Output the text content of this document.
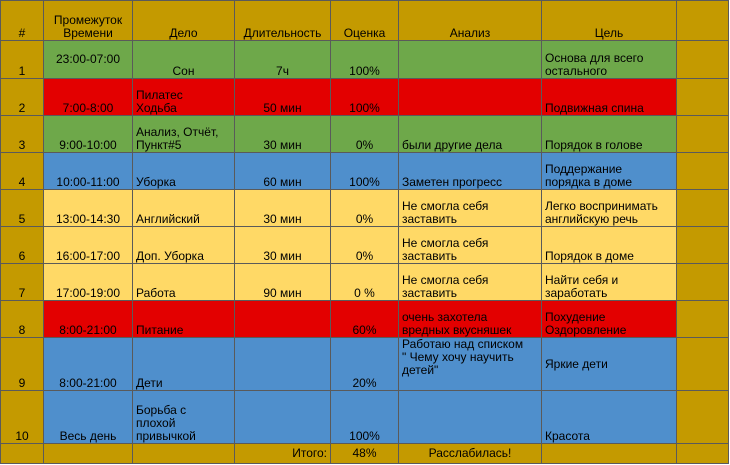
#	Промежуток
Времени	Дело	Длительность	Оценка	Анализ	Цель	
1	23:00-07:00	Сон	7ч	100%		Основа для всего
остального	
2	7:00-8:00	Пилатес
Ходьба	50 мин	100%		Подвижная спина	
3	9:00-10:00	Анализ, Отчёт,
Пункт#5	30 мин	0%	были другие дела	Порядок в голове	
4	10:00-11:00	Уборка	60 мин	100%	Заметен прогресс	Поддержание
порядка в доме	
5	13:00-14:30	Английский	30 мин	0%	Не смогла себя
заставить	Легко воспринимать
английскую речь	
6	16:00-17:00	Доп. Уборка	30 мин	0%	Не смогла себя
заставить	Порядок в доме	
7	17:00-19:00	Работа	90 мин	0 %	Не смогла себя
заставить	Найти себя и
заработать	
8	8:00-21:00	Питание		60%	очень захотела
вредных вкусняшек	Похудение
Оздоровление	
9	8:00-21:00	Дети		20%	Работаю над списком
" Чему хочу научить
детей"	Яркие дети	
10	Весь день	Борьба с
плохой
привычкой		100%		Красота	
			Итого:	48%	Расслабилась!		
